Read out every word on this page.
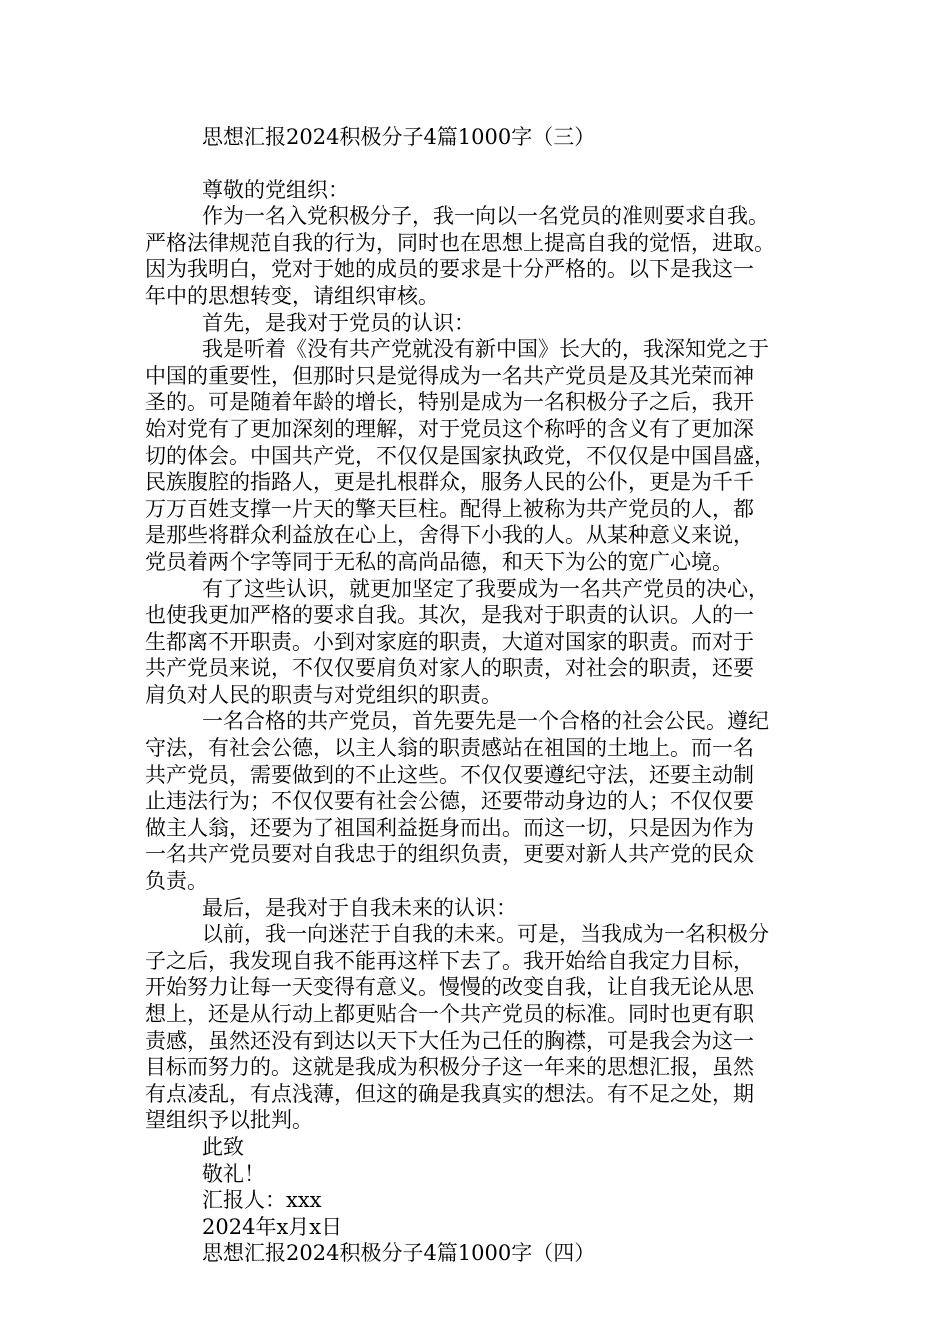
思想汇报2024积极分子4篇1000字（三）
尊敬的党组织：
作为一名入党积极分子，我一向以一名党员的准则要求自我。
严格法律规范自我的行为，同时也在思想上提高自我的觉悟，进取。
因为我明白，党对于她的成员的要求是十分严格的。以下是我这一
年中的思想转变，请组织审核。
首先，是我对于党员的认识：
我是听着《没有共产党就没有新中国》长大的，我深知党之于
中国的重要性，但那时只是觉得成为一名共产党员是及其光荣而神
圣的。可是随着年龄的增长，特别是成为一名积极分子之后，我开
始对党有了更加深刻的理解，对于党员这个称呼的含义有了更加深
切的体会。中国共产党，不仅仅是国家执政党，不仅仅是中国昌盛，
民族腹腔的指路人，更是扎根群众，服务人民的公仆，更是为千千
万万百姓支撑一片天的擎天巨柱。配得上被称为共产党员的人，都
是那些将群众利益放在心上，舍得下小我的人。从某种意义来说，
党员着两个字等同于无私的高尚品德，和天下为公的宽广心境。
有了这些认识，就更加坚定了我要成为一名共产党员的决心，
也使我更加严格的要求自我。其次，是我对于职责的认识。人的一
生都离不开职责。小到对家庭的职责，大道对国家的职责。而对于
共产党员来说，不仅仅要肩负对家人的职责，对社会的职责，还要
肩负对人民的职责与对党组织的职责。
一名合格的共产党员，首先要先是一个合格的社会公民。遵纪
守法，有社会公德，以主人翁的职责感站在祖国的土地上。而一名
共产党员，需要做到的不止这些。不仅仅要遵纪守法，还要主动制
止违法行为；不仅仅要有社会公德，还要带动身边的人；不仅仅要
做主人翁，还要为了祖国利益挺身而出。而这一切，只是因为作为
一名共产党员要对自我忠于的组织负责，更要对新人共产党的民众
负责。
最后，是我对于自我未来的认识：
以前，我一向迷茫于自我的未来。可是，当我成为一名积极分
子之后，我发现自我不能再这样下去了。我开始给自我定力目标，
开始努力让每一天变得有意义。慢慢的改变自我，让自我无论从思
想上，还是从行动上都更贴合一个共产党员的标准。同时也更有职
责感，虽然还没有到达以天下大任为己任的胸襟，可是我会为这一
目标而努力的。这就是我成为积极分子这一年来的思想汇报，虽然
有点凌乱，有点浅薄，但这的确是我真实的想法。有不足之处，期
望组织予以批判。
此致
敬礼！
汇报人：xxx
2024年x月x日
思想汇报2024积极分子4篇1000字（四）
